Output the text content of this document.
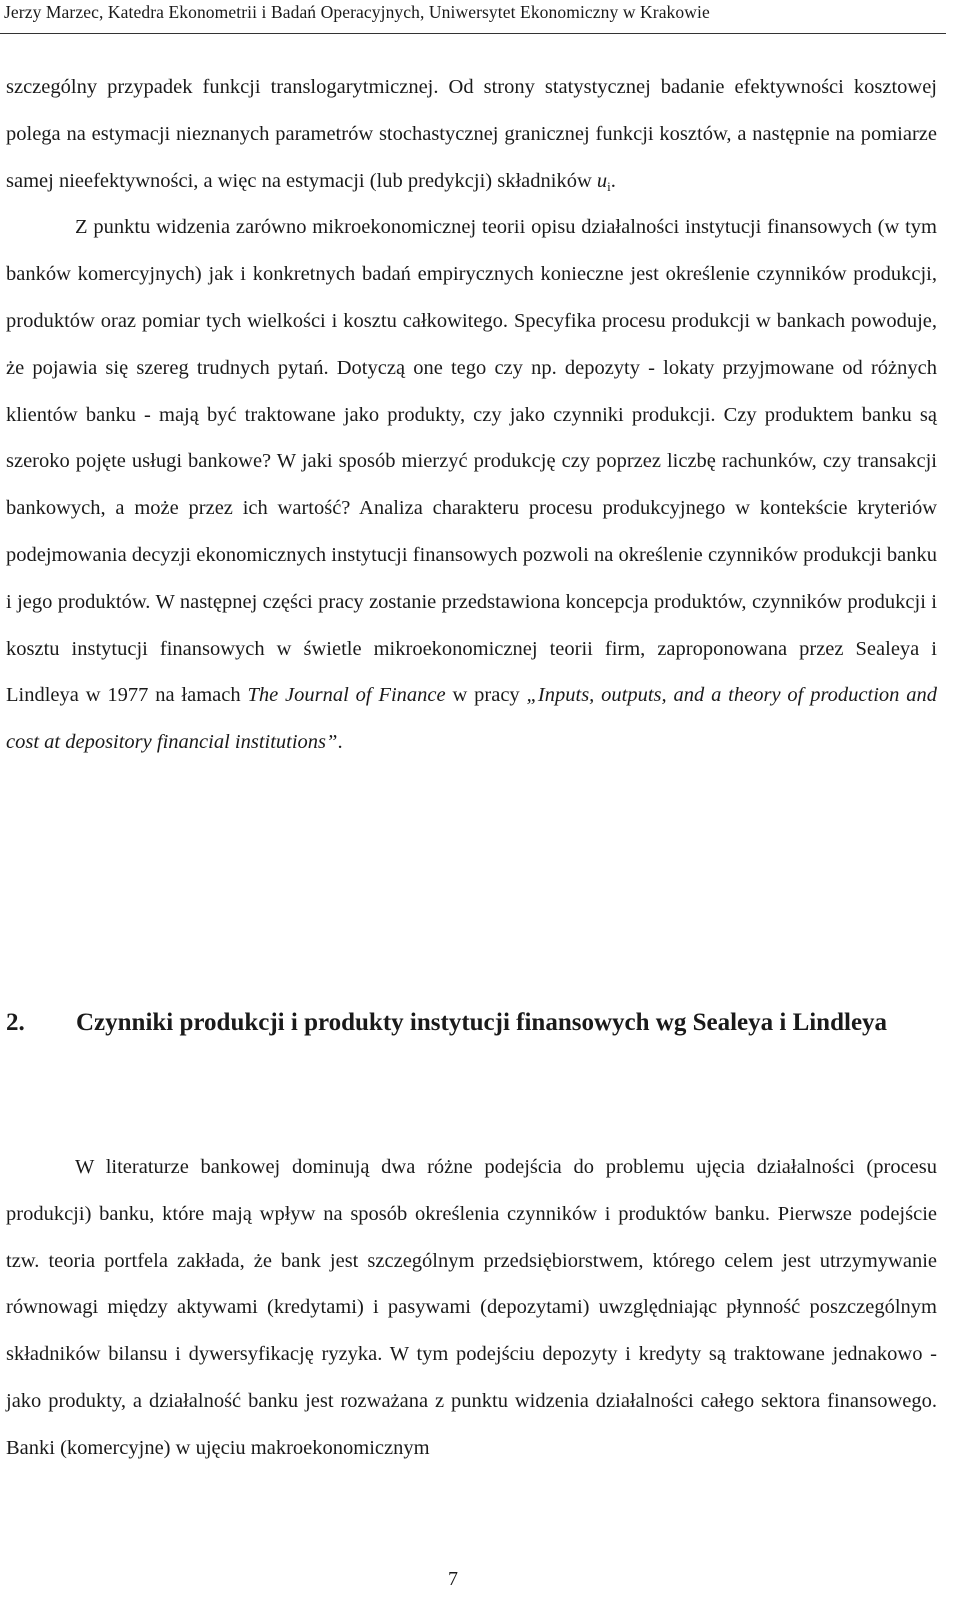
Jerzy Marzec, Katedra Ekonometrii i Badań Operacyjnych, Uniwersytet Ekonomiczny w Krakowie

szczególny przypadek funkcji translogarytmicznej. Od strony statystycznej badanie efektywności kosztowej polega na estymacji nieznanych parametrów stochastycznej granicznej funkcji kosztów, a następnie na pomiarze samej nieefektywności, a więc na estymacji (lub predykcji) składników $u_i$.

Z punktu widzenia zarówno mikroekonomicznej teorii opisu działalności instytucji finansowych (w tym banków komercyjnych) jak i konkretnych badań empirycznych konieczne jest określenie czynników produkcji, produktów oraz pomiar tych wielkości i kosztu całkowitego. Specyfika procesu produkcji w bankach powoduje, że pojawia się szereg trudnych pytań. Dotyczą one tego czy np. depozyty - lokaty przyjmowane od różnych klientów banku - mają być traktowane jako produkty, czy jako czynniki produkcji. Czy produktem banku są szeroko pojęte usługi bankowe? W jaki sposób mierzyć produkcję czy poprzez liczbę rachunków, czy transakcji bankowych, a może przez ich wartość? Analiza charakteru procesu produkcyjnego w kontekście kryteriów podejmowania decyzji ekonomicznych instytucji finansowych pozwoli na określenie czynników produkcji banku i jego produktów. W następnej części pracy zostanie przedstawiona koncepcja produktów, czynników produkcji i kosztu instytucji finansowych w świetle mikroekonomicznej teorii firm, zaproponowana przez Sealeya i Lindleya w 1977 na łamach The Journal of Finance w pracy „Inputs, outputs, and a theory of production and cost at depository financial institutions”.

2. Czynniki produkcji i produkty instytucji finansowych wg Sealeya i Lindleya

W literaturze bankowej dominują dwa różne podejścia do problemu ujęcia działalności (procesu produkcji) banku, które mają wpływ na sposób określenia czynników i produktów banku. Pierwsze podejście tzw. teoria portfela zakłada, że bank jest szczególnym przedsiębiorstwem, którego celem jest utrzymywanie równowagi między aktywami (kredytami) i pasywami (depozytami) uwzględniając płynność poszczególnym składników bilansu i dywersyfikację ryzyka. W tym podejściu depozyty i kredyty są traktowane jednakowo - jako produkty, a działalność banku jest rozważana z punktu widzenia działalności całego sektora finansowego. Banki (komercyjne) w ujęciu makroekonomicznym

7
